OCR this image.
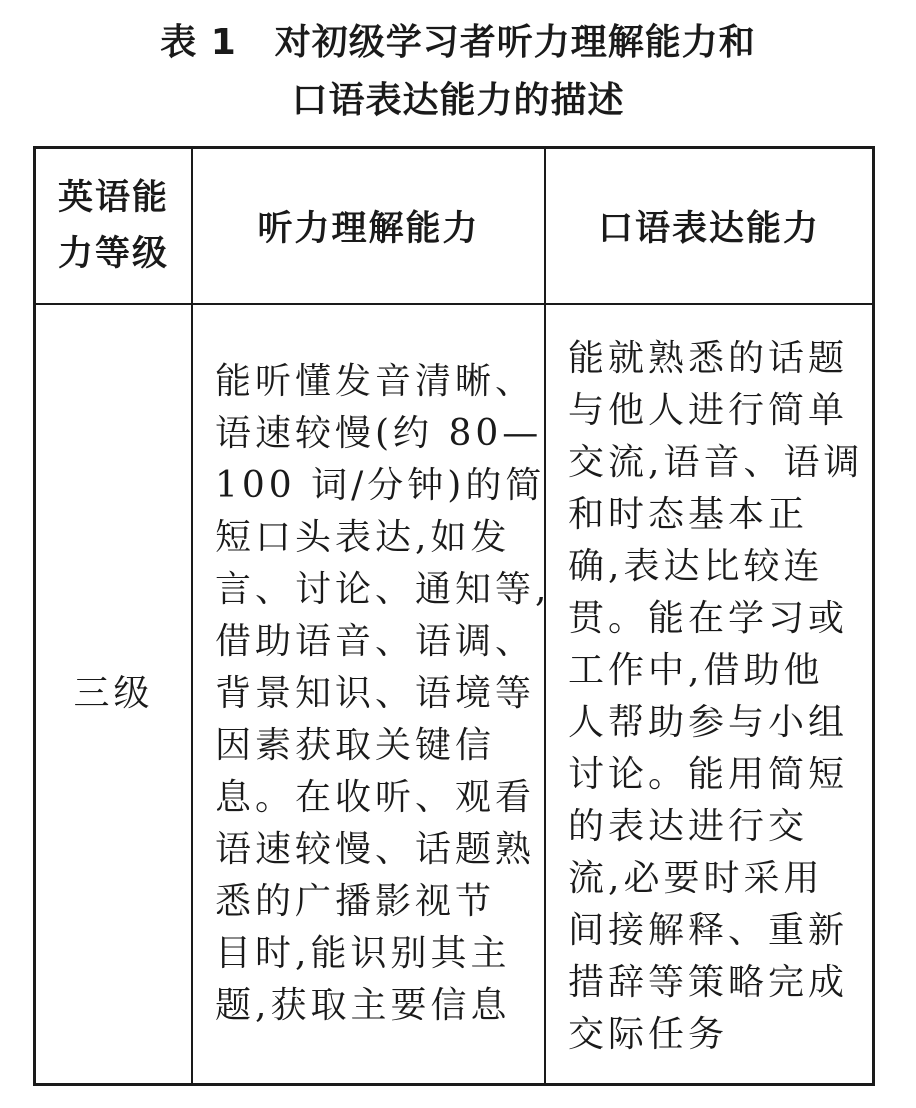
表 1 对初级学习者听力理解能力和
口语表达能力的描述
英语能
力等级
听力理解能力	口语表达能力
三级
能听懂发音清晰、
语速较慢(约 80—
100 词/分钟)的简
短口头表达,如发
言、讨论、通知等,
借助语音、语调、
背景知识、语境等
因素获取关键信
息。在收听、观看
语速较慢、话题熟
悉的广播影视节
目时,能识别其主
题,获取主要信息
能就熟悉的话题
与他人进行简单
交流,语音、语调
和时态基本正
确,表达比较连
贯。能在学习或
工作中,借助他
人帮助参与小组
讨论。能用简短
的表达进行交
流,必要时采用
间接解释、重新
措辞等策略完成
交际任务
